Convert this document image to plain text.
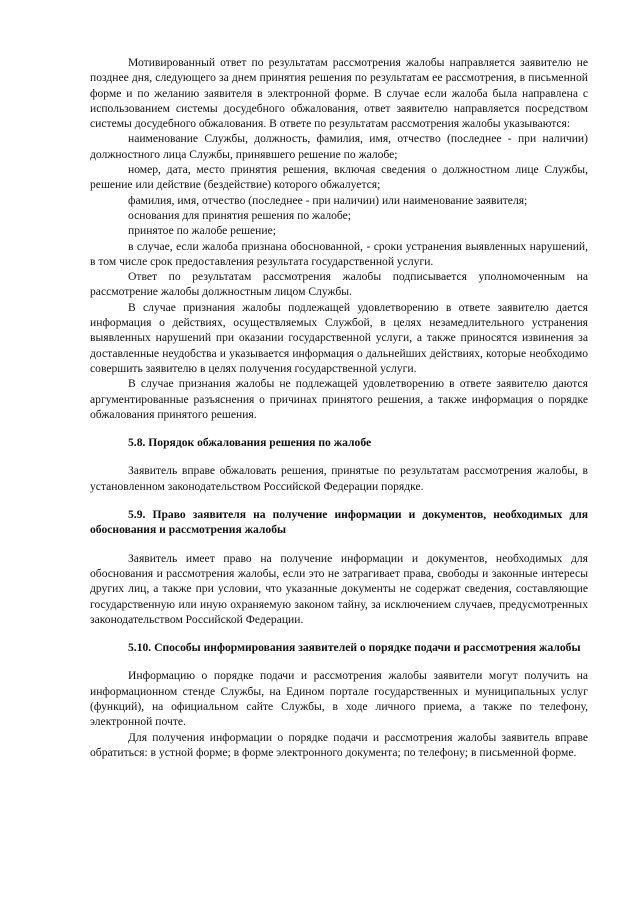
Мотивированный ответ по результатам рассмотрения жалобы направляется заявителю не позднее дня, следующего за днем принятия решения по результатам ее рассмотрения, в письменной форме и по желанию заявителя в электронной форме. В случае если жалоба была направлена с использованием системы досудебного обжалования, ответ заявителю направляется посредством системы досудебного обжалования. В ответе по результатам рассмотрения жалобы указываются:

наименование Службы, должность, фамилия, имя, отчество (последнее - при наличии) должностного лица Службы, принявшего решение по жалобе;

номер, дата, место принятия решения, включая сведения о должностном лице Службы, решение или действие (бездействие) которого обжалуется;

фамилия, имя, отчество (последнее - при наличии) или наименование заявителя;

основания для принятия решения по жалобе;

принятое по жалобе решение;

в случае, если жалоба признана обоснованной, - сроки устранения выявленных нарушений, в том числе срок предоставления результата государственной услуги.

Ответ по результатам рассмотрения жалобы подписывается уполномоченным на рассмотрение жалобы должностным лицом Службы.

В случае признания жалобы подлежащей удовлетворению в ответе заявителю дается информация о действиях, осуществляемых Службой, в целях незамедлительного устранения выявленных нарушений при оказании государственной услуги, а также приносятся извинения за доставленные неудобства и указывается информация о дальнейших действиях, которые необходимо совершить заявителю в целях получения государственной услуги.

В случае признания жалобы не подлежащей удовлетворению в ответе заявителю даются аргументированные разъяснения о причинах принятого решения, а также информация о порядке обжалования принятого решения.

5.8. Порядок обжалования решения по жалобе

Заявитель вправе обжаловать решения, принятые по результатам рассмотрения жалобы, в установленном законодательством Российской Федерации порядке.

5.9. Право заявителя на получение информации и документов, необходимых для обоснования и рассмотрения жалобы

Заявитель имеет право на получение информации и документов, необходимых для обоснования и рассмотрения жалобы, если это не затрагивает права, свободы и законные интересы других лиц, а также при условии, что указанные документы не содержат сведения, составляющие государственную или иную охраняемую законом тайну, за исключением случаев, предусмотренных законодательством Российской Федерации.

5.10. Способы информирования заявителей о порядке подачи и рассмотрения жалобы

Информацию о порядке подачи и рассмотрения жалобы заявители могут получить на информационном стенде Службы, на Едином портале государственных и муниципальных услуг (функций), на официальном сайте Службы, в ходе личного приема, а также по телефону, электронной почте.

Для получения информации о порядке подачи и рассмотрения жалобы заявитель вправе обратиться: в устной форме; в форме электронного документа; по телефону; в письменной форме.
